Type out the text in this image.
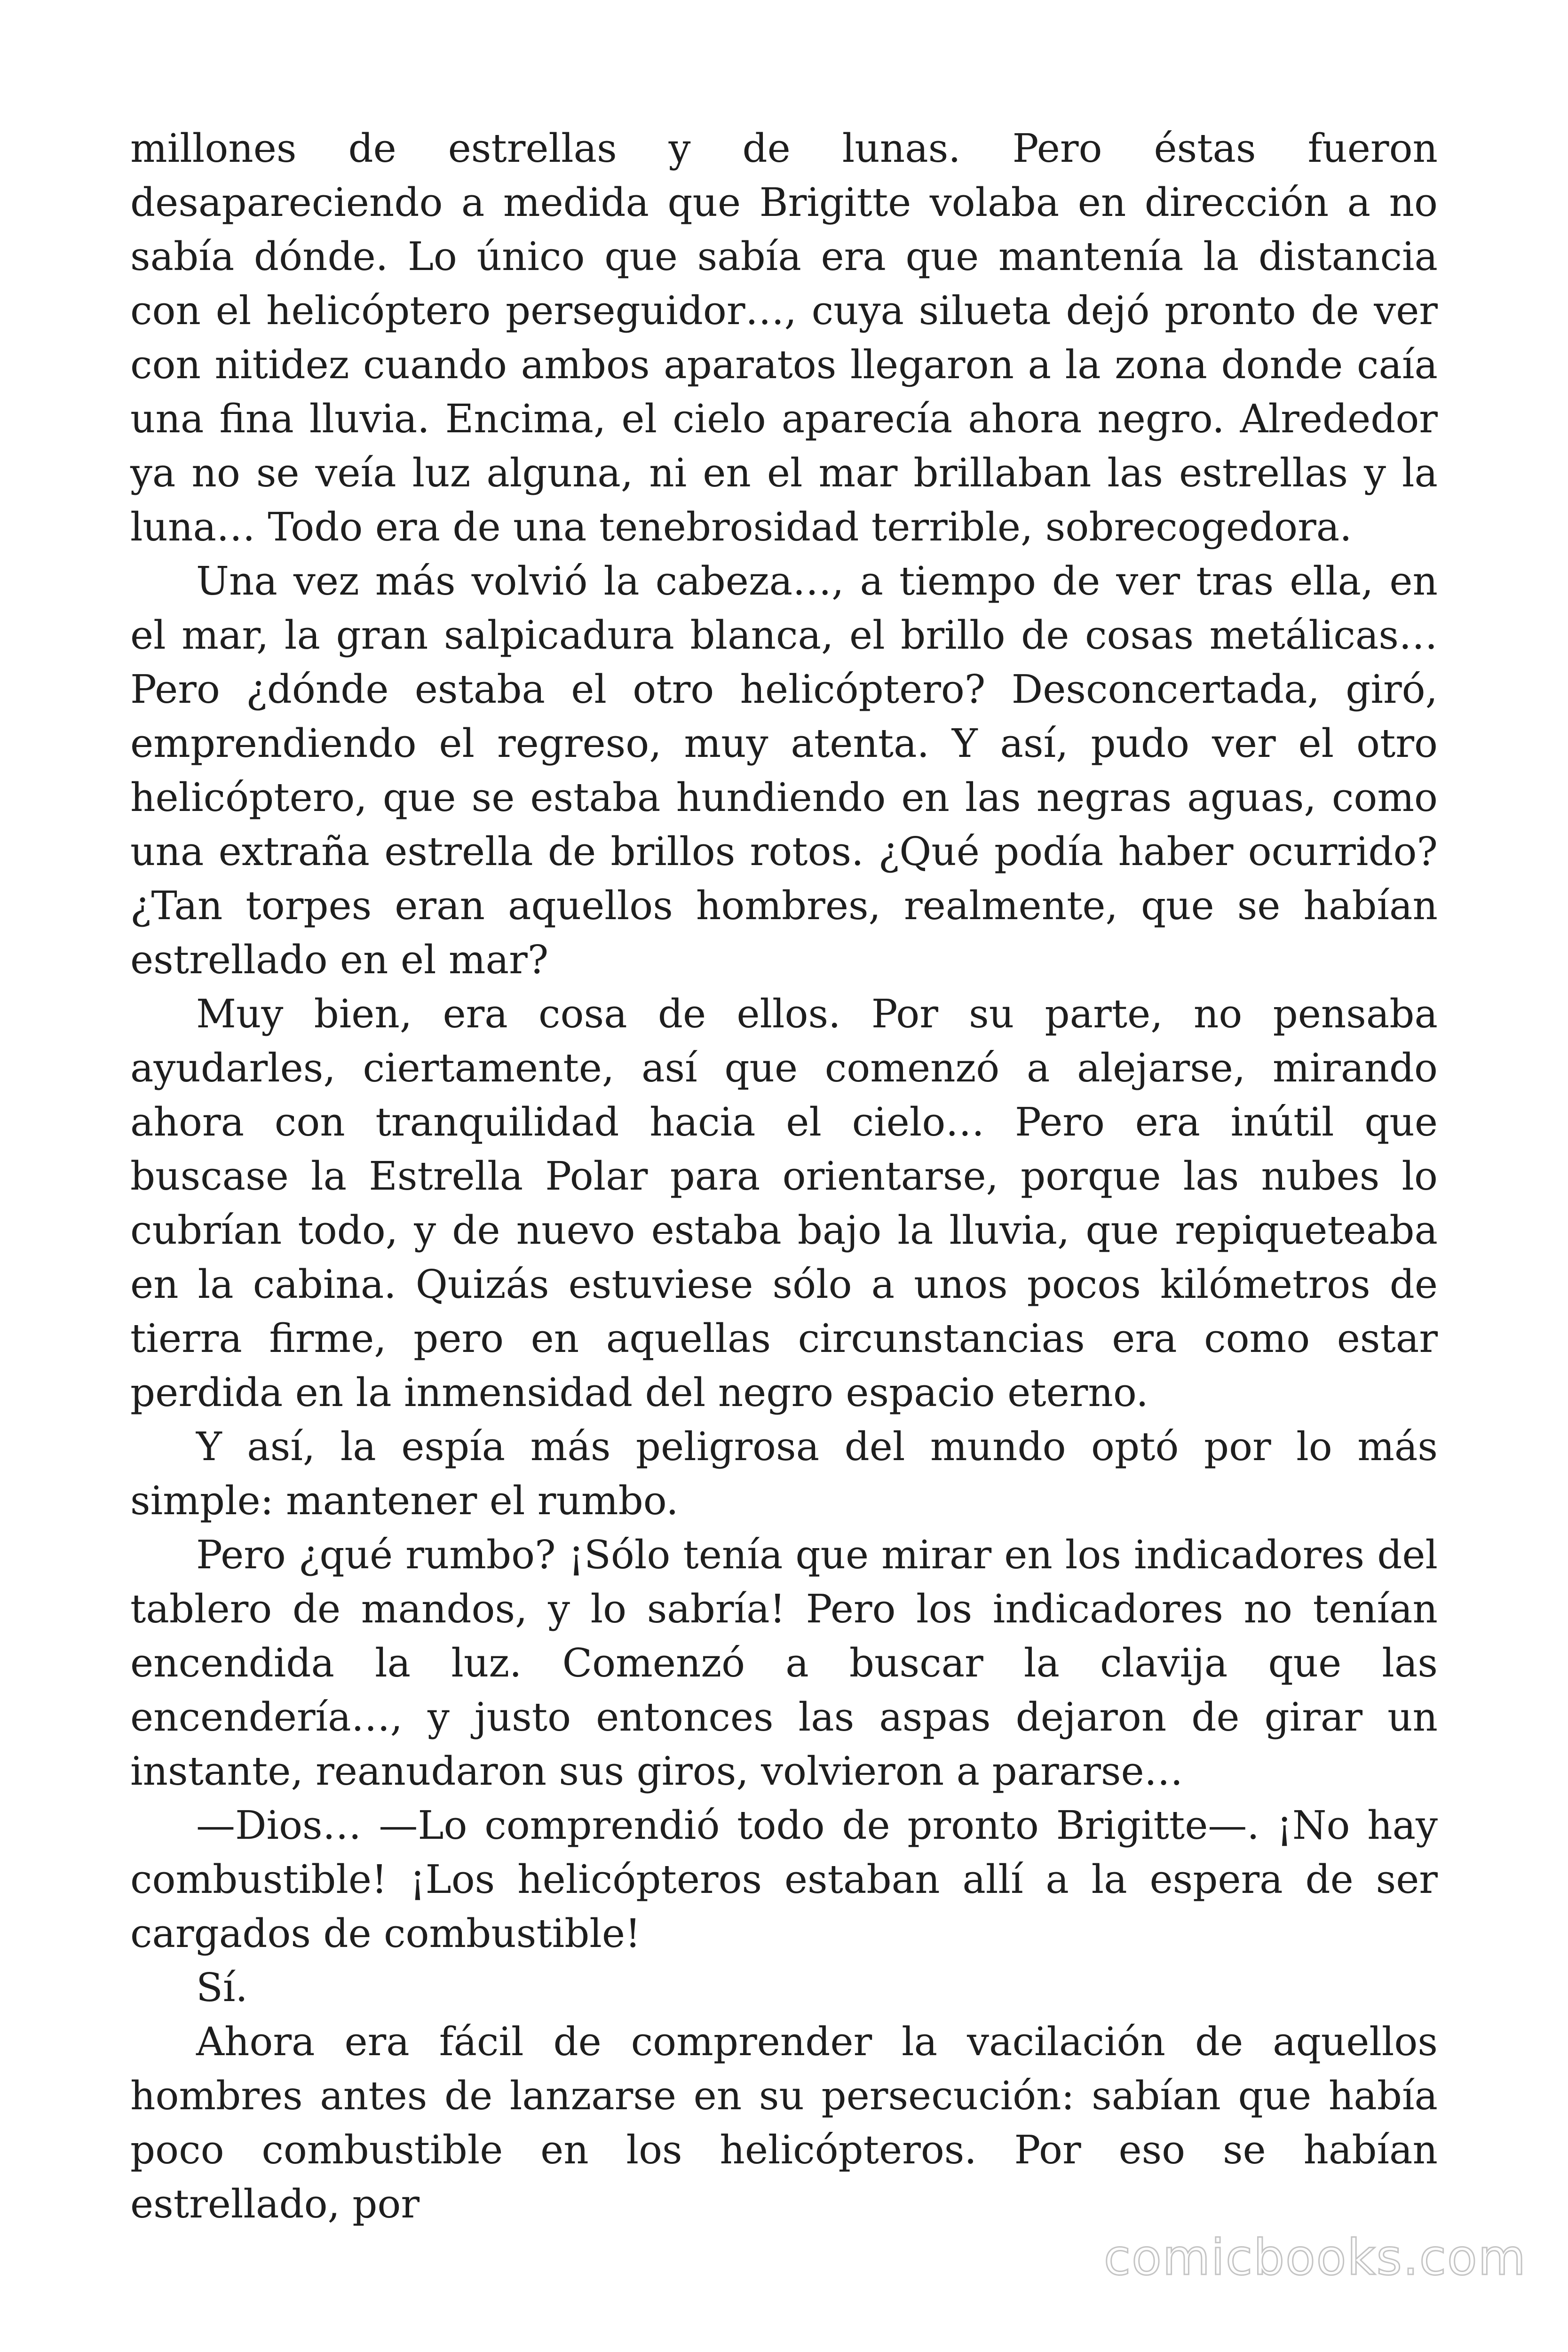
millones de estrellas y de lunas. Pero éstas fueron desapareciendo a medida que Brigitte volaba en dirección a no sabía dónde. Lo único que sabía era que mantenía la distancia con el helicóptero perseguidor…, cuya silueta dejó pronto de ver con nitidez cuando ambos aparatos llegaron a la zona donde caía una fina lluvia. Encima, el cielo aparecía ahora negro. Alrededor ya no se veía luz alguna, ni en el mar brillaban las estrellas y la luna… Todo era de una tenebrosidad terrible, sobrecogedora.

Una vez más volvió la cabeza…, a tiempo de ver tras ella, en el mar, la gran salpicadura blanca, el brillo de cosas metálicas… Pero ¿dónde estaba el otro helicóptero? Desconcertada, giró, emprendiendo el regreso, muy atenta. Y así, pudo ver el otro helicóptero, que se estaba hundiendo en las negras aguas, como una extraña estrella de brillos rotos. ¿Qué podía haber ocurrido? ¿Tan torpes eran aquellos hombres, realmente, que se habían estrellado en el mar?

Muy bien, era cosa de ellos. Por su parte, no pensaba ayudarles, ciertamente, así que comenzó a alejarse, mirando ahora con tranquilidad hacia el cielo… Pero era inútil que buscase la Estrella Polar para orientarse, porque las nubes lo cubrían todo, y de nuevo estaba bajo la lluvia, que repiqueteaba en la cabina. Quizás estuviese sólo a unos pocos kilómetros de tierra firme, pero en aquellas circunstancias era como estar perdida en la inmensidad del negro espacio eterno.

Y así, la espía más peligrosa del mundo optó por lo más simple: mantener el rumbo.

Pero ¿qué rumbo? ¡Sólo tenía que mirar en los indicadores del tablero de mandos, y lo sabría! Pero los indicadores no tenían encendida la luz. Comenzó a buscar la clavija que las encendería…, y justo entonces las aspas dejaron de girar un instante, reanudaron sus giros, volvieron a pararse…

—Dios… —Lo comprendió todo de pronto Brigitte—. ¡No hay combustible! ¡Los helicópteros estaban allí a la espera de ser cargados de combustible!

Sí.

Ahora era fácil de comprender la vacilación de aquellos hombres antes de lanzarse en su persecución: sabían que había poco combustible en los helicópteros. Por eso se habían estrellado, por

comicbooks.com
